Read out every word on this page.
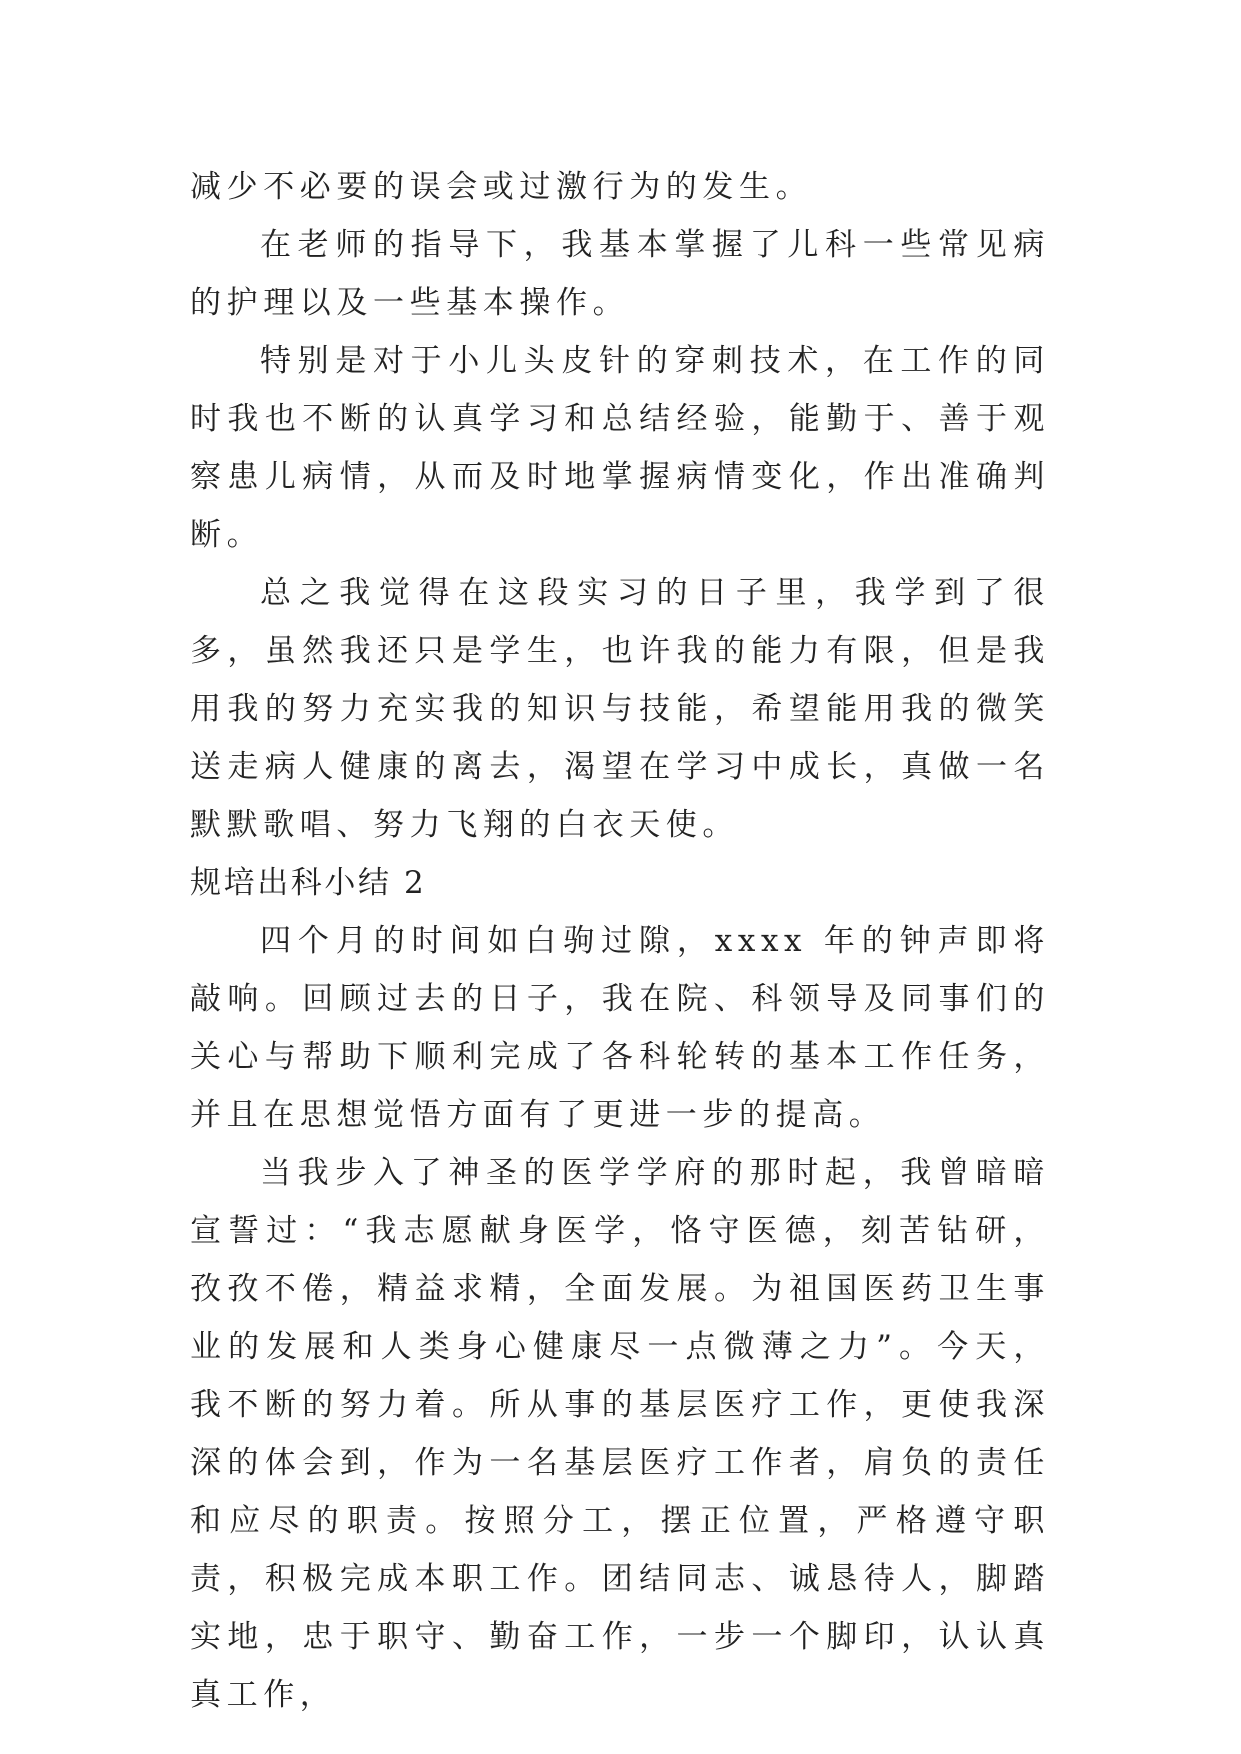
减少不必要的误会或过激行为的发生。

在老师的指导下，我基本掌握了儿科一些常见病的护理以及一些基本操作。

特别是对于小儿头皮针的穿刺技术，在工作的同时我也不断的认真学习和总结经验，能勤于、善于观察患儿病情，从而及时地掌握病情变化，作出准确判断。

总之我觉得在这段实习的日子里，我学到了很多，虽然我还只是学生，也许我的能力有限，但是我用我的努力充实我的知识与技能，希望能用我的微笑送走病人健康的离去，渴望在学习中成长，真做一名默默歌唱、努力飞翔的白衣天使。

规培出科小结 2

四个月的时间如白驹过隙，xxxx 年的钟声即将敲响。回顾过去的日子，我在院、科领导及同事们的关心与帮助下顺利完成了各科轮转的基本工作任务，并且在思想觉悟方面有了更进一步的提高。

当我步入了神圣的医学学府的那时起，我曾暗暗宣誓过：“我志愿献身医学，恪守医德，刻苦钻研，孜孜不倦，精益求精，全面发展。为祖国医药卫生事业的发展和人类身心健康尽一点微薄之力”。今天，我不断的努力着。所从事的基层医疗工作，更使我深深的体会到，作为一名基层医疗工作者，肩负的责任和应尽的职责。按照分工，摆正位置，严格遵守职责，积极完成本职工作。团结同志、诚恳待人，脚踏实地，忠于职守、勤奋工作，一步一个脚印，认认真真工作，
